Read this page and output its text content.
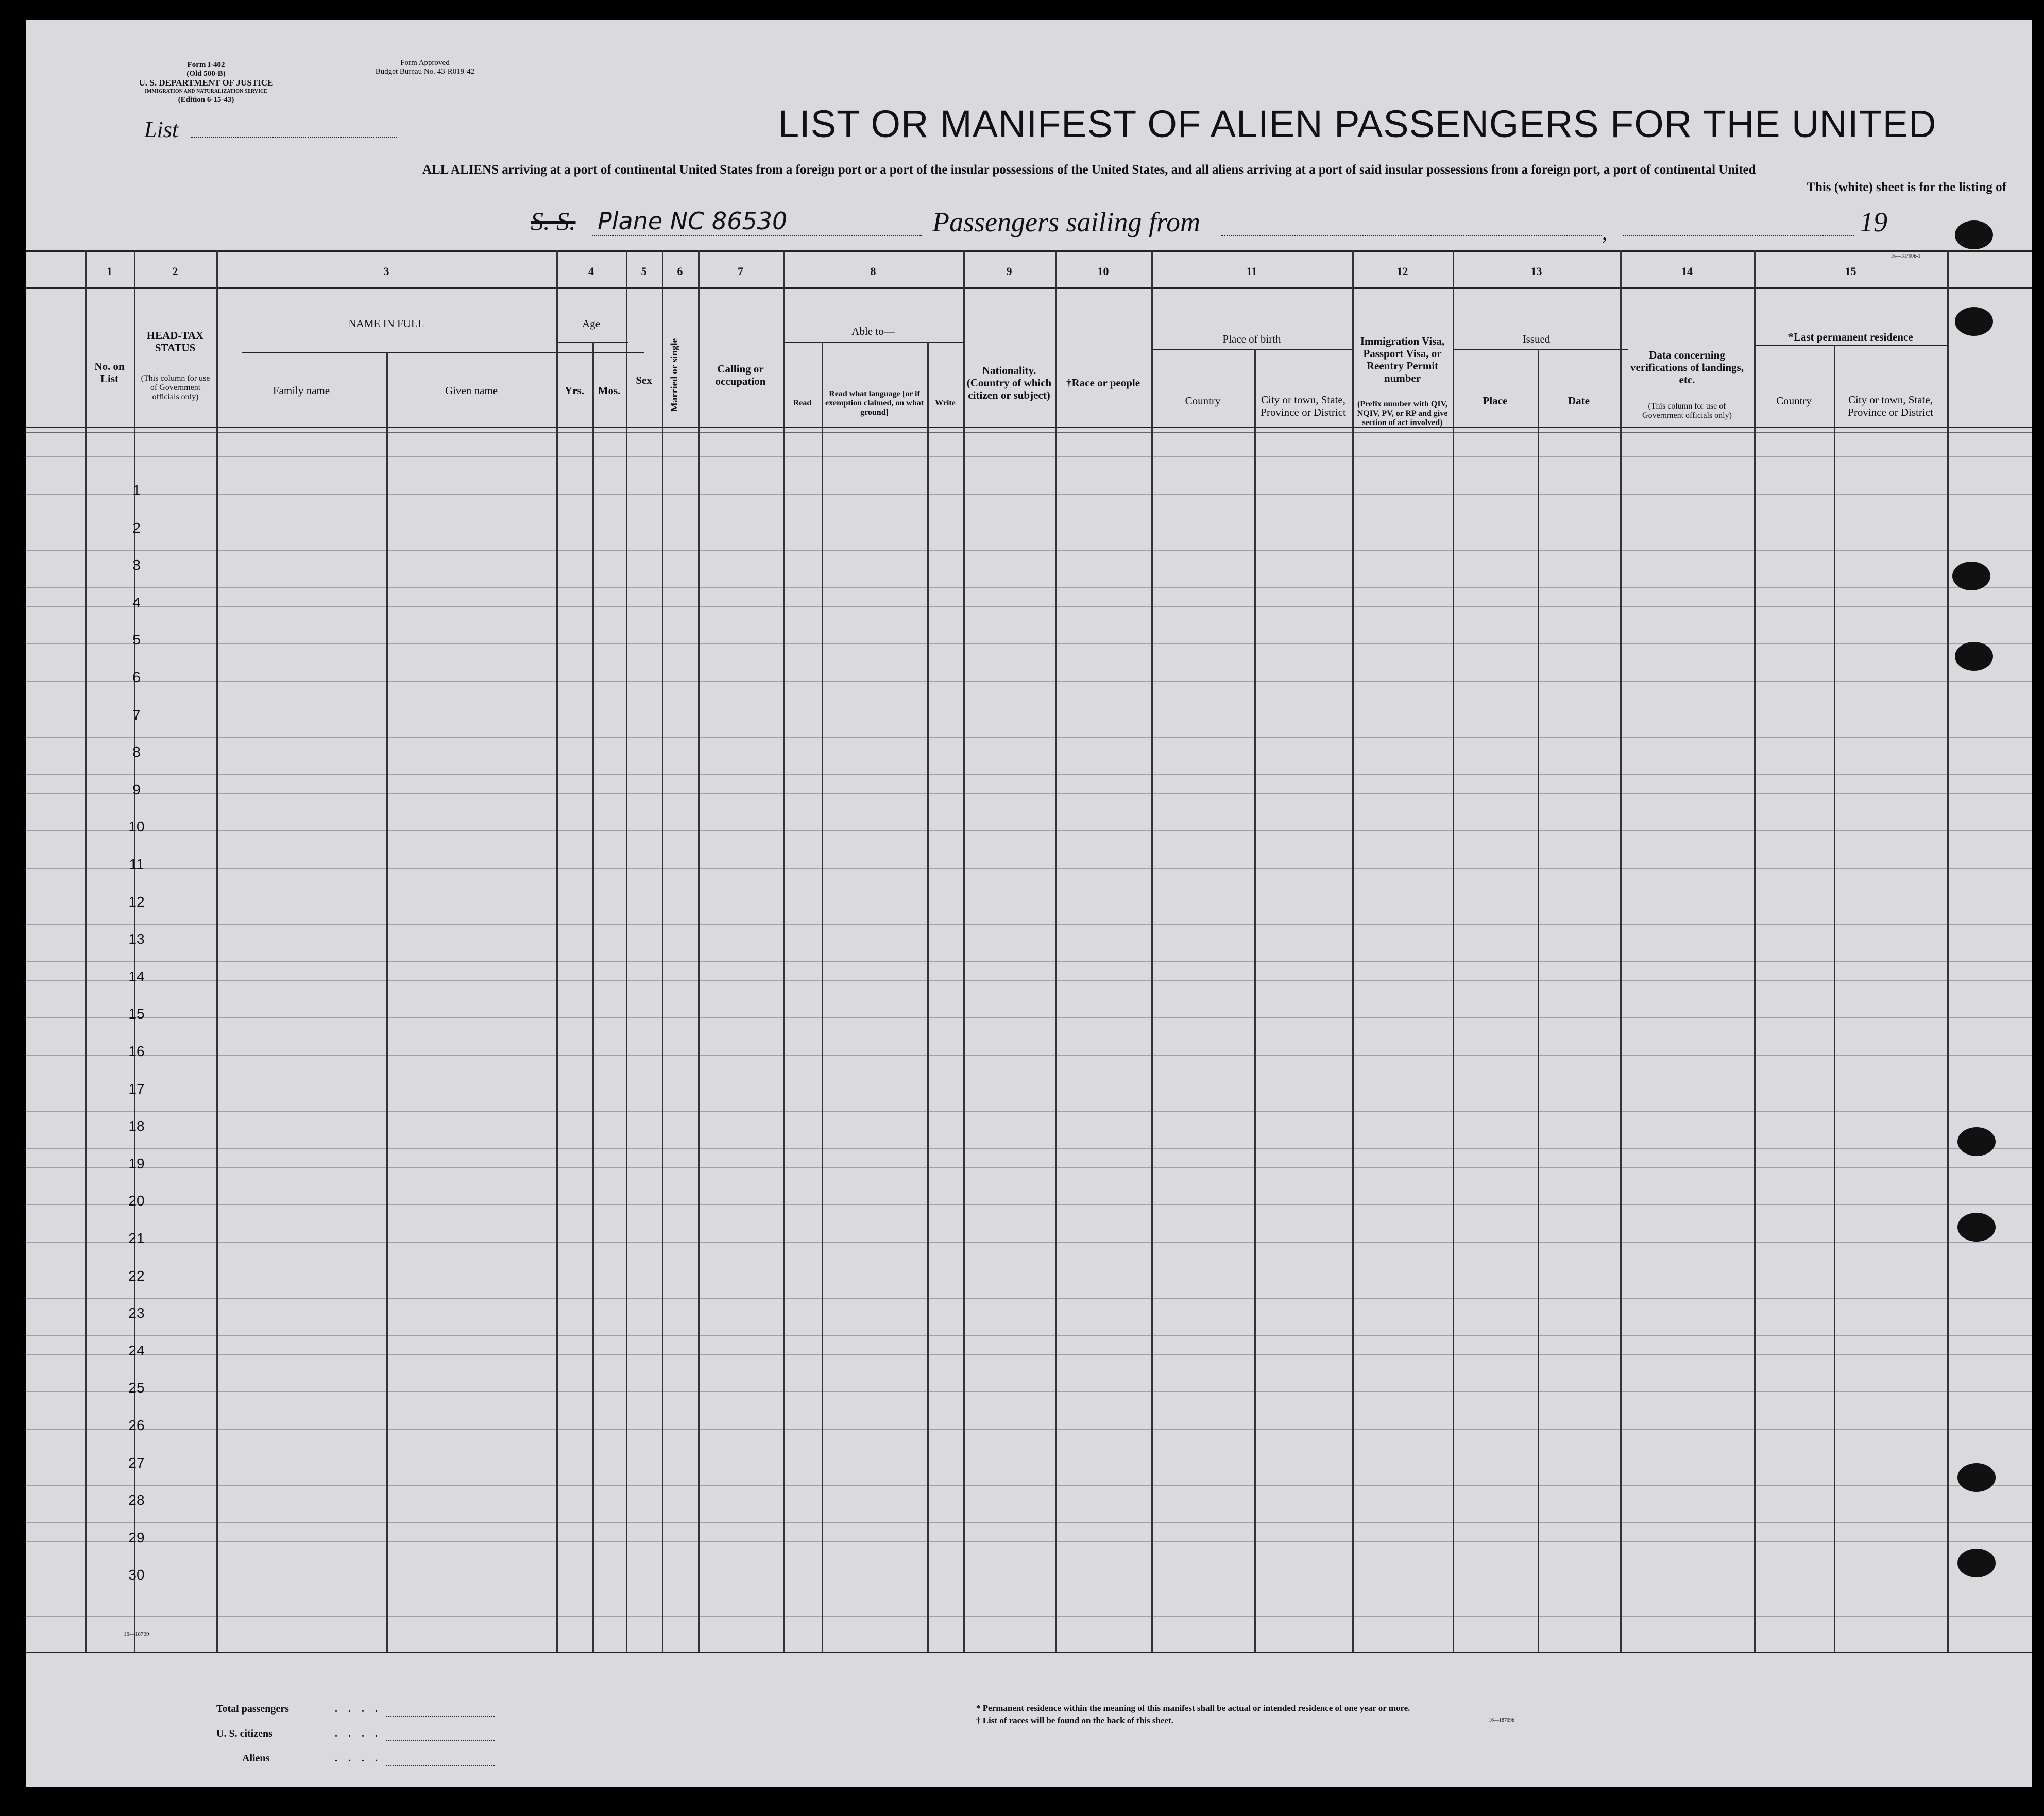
Form I-402
(Old 500-B)
U. S. DEPARTMENT OF JUSTICE
IMMIGRATION AND NATURALIZATION SERVICE
(Edition 6-15-43)
Form Approved
Budget Bureau No. 43-R019-42
List	LIST OR MANIFEST OF ALIEN PASSENGERS FOR THE UNITED
ALL ALIENS arriving at a port of continental United States from a foreign port or a port of the insular possessions of the United States, and all aliens arriving at a port of said insular possessions from a foreign port, a port of continental United
This (white) sheet is for the listing of
S. S. Plane NC 86530	Passengers sailing from	,	19
16—18700b-1
1	2	3	4	5	6	7	8	9	10	11	12	13	14	15
No. on List
HEAD-TAX STATUS
(This column for use of Government officials only)
NAME IN FULL
Family name	Given name
Age
Yrs.	Mos.
Sex	Married or single	Calling or occupation
Able to—
Read
Read what language [or if exemption claimed, on what ground]
Write
Nationality. (Country of which citizen or subject)
†Race or people
Place of birth
Country	City or town, State, Province or District
Immigration Visa, Passport Visa, or Reentry Permit number
(Prefix number with QIV, NQIV, PV, or RP and give section of act involved)
Issued
Place	Date
Data concerning verifications of landings, etc.
(This column for use of Government officials only)
*Last permanent residence
Country	City or town, State, Province or District
1
2
3
4
5
6
7
8
9
10
11
12
13
14
15
16
17
18
19
20
21
22
23
24
25
26
27
28
29
30
16—18709
Total passengers	. . . .
U. S. citizens	. . . .
Aliens	. . . .
* Permanent residence within the meaning of this manifest shall be actual or intended residence of one year or more.
† List of races will be found on the back of this sheet.	16—18709b
